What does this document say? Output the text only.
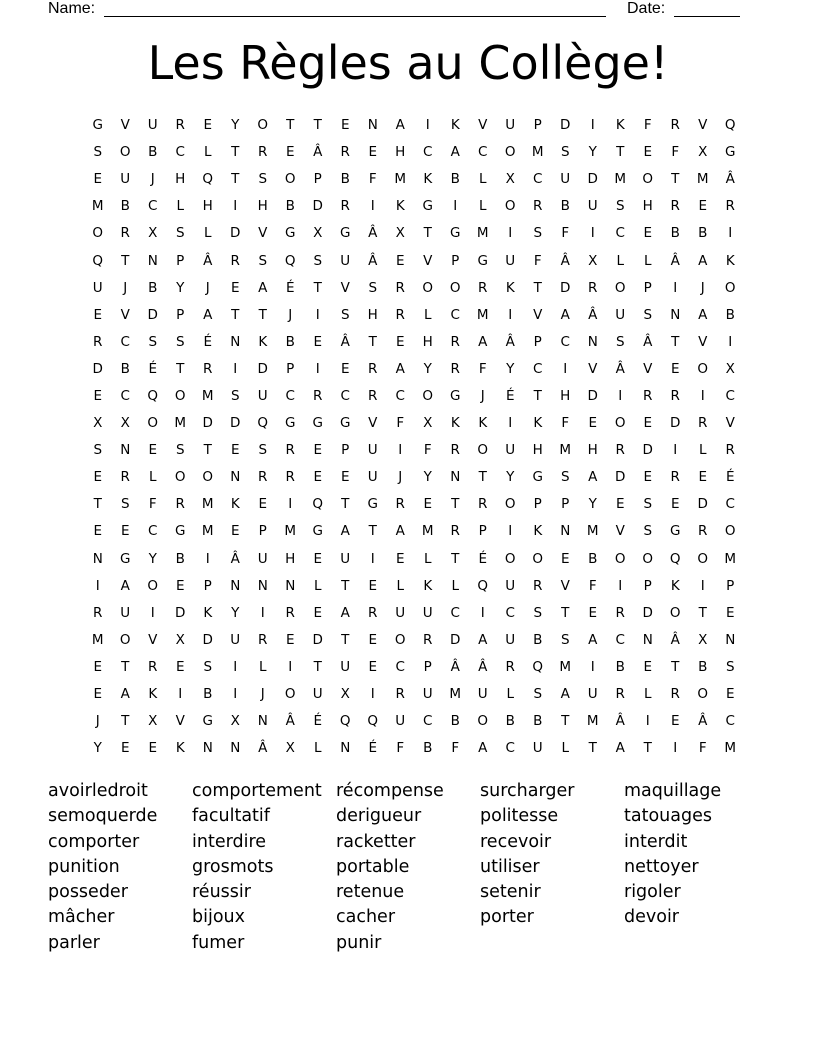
Name:	Date:
Les Règles au Collège!
G	V	U	R	E	Y	O	T	T	E	N	A	I	K	V	U	P	D	I	K	F	R	V	Q
S	O	B	C	L	T	R	E	Â	R	E	H	C	A	C	O	M	S	Y	T	E	F	X	G
E	U	J	H	Q	T	S	O	P	B	F	M	K	B	L	X	C	U	D	M	O	T	M	Â
M	B	C	L	H	I	H	B	D	R	I	K	G	I	L	O	R	B	U	S	H	R	E	R
O	R	X	S	L	D	V	G	X	G	Â	X	T	G	M	I	S	F	I	C	E	B	B	I
Q	T	N	P	Â	R	S	Q	S	U	Â	E	V	P	G	U	F	Â	X	L	L	Â	A	K
U	J	B	Y	J	E	A	É	T	V	S	R	O	O	R	K	T	D	R	O	P	I	J	O
E	V	D	P	A	T	T	J	I	S	H	R	L	C	M	I	V	A	Â	U	S	N	A	B
R	C	S	S	É	N	K	B	E	Â	T	E	H	R	A	Â	P	C	N	S	Â	T	V	I
D	B	É	T	R	I	D	P	I	E	R	A	Y	R	F	Y	C	I	V	Â	V	E	O	X
E	C	Q	O	M	S	U	C	R	C	R	C	O	G	J	É	T	H	D	I	R	R	I	C
X	X	O	M	D	D	Q	G	G	G	V	F	X	K	K	I	K	F	E	O	E	D	R	V
S	N	E	S	T	E	S	R	E	P	U	I	F	R	O	U	H	M	H	R	D	I	L	R
E	R	L	O	O	N	R	R	E	E	U	J	Y	N	T	Y	G	S	A	D	E	R	E	É
T	S	F	R	M	K	E	I	Q	T	G	R	E	T	R	O	P	P	Y	E	S	E	D	C
E	E	C	G	M	E	P	M	G	A	T	A	M	R	P	I	K	N	M	V	S	G	R	O
N	G	Y	B	I	Â	U	H	E	U	I	E	L	T	É	O	O	E	B	O	O	Q	O	M
I	A	O	E	P	N	N	N	L	T	E	L	K	L	Q	U	R	V	F	I	P	K	I	P
R	U	I	D	K	Y	I	R	E	A	R	U	U	C	I	C	S	T	E	R	D	O	T	E
M	O	V	X	D	U	R	E	D	T	E	O	R	D	A	U	B	S	A	C	N	Â	X	N
E	T	R	E	S	I	L	I	T	U	E	C	P	Â	Â	R	Q	M	I	B	E	T	B	S
E	A	K	I	B	I	J	O	U	X	I	R	U	M	U	L	S	A	U	R	L	R	O	E
J	T	X	V	G	X	N	Â	É	Q	Q	U	C	B	O	B	B	T	M	Â	I	E	Â	C
Y	E	E	K	N	N	Â	X	L	N	É	F	B	F	A	C	U	L	T	A	T	I	F	M
avoirledroit
semoquerde
comporter
punition
posseder
mâcher
parler
comportement
facultatif
interdire
grosmots
réussir
bijoux
fumer
récompense
derigueur
racketter
portable
retenue
cacher
punir
surcharger
politesse
recevoir
utiliser
setenir
porter
maquillage
tatouages
interdit
nettoyer
rigoler
devoir
